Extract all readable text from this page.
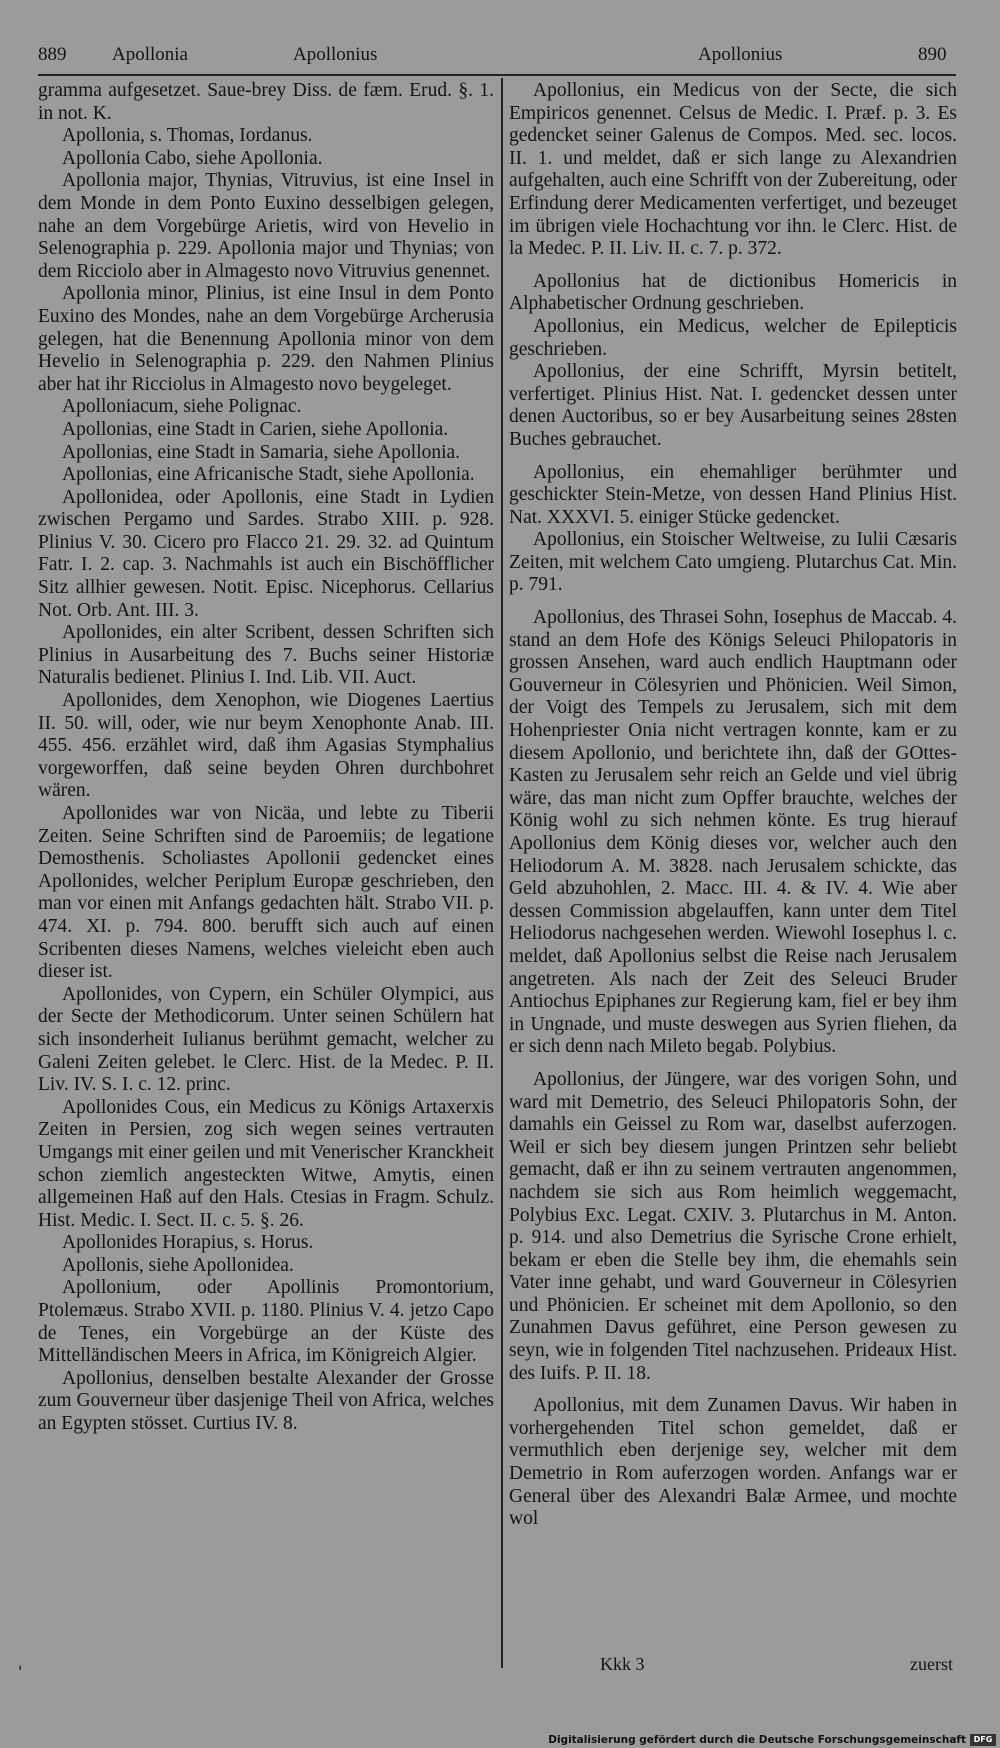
889 Apollonia	Apollonius	Apollonius	890

gramma aufgesetzet. Saue-brey Diss. de fæm. Erud. §. 1. in not. K.

Apollonia, s. Thomas, Iordanus.

Apollonia Cabo, siehe Apollonia.

Apollonia major, Thynias, Vitruvius, ist eine Insel in dem Monde in dem Ponto Euxino desselbigen gelegen, nahe an dem Vorgebürge Arietis, wird von Hevelio in Selenographia p. 229. Apollonia major und Thynias; von dem Ricciolo aber in Almagesto novo Vitruvius genennet.

Apollonia minor, Plinius, ist eine Insul in dem Ponto Euxino des Mondes, nahe an dem Vorgebürge Archerusia gelegen, hat die Benennung Apollonia minor von dem Hevelio in Selenographia p. 229. den Nahmen Plinius aber hat ihr Ricciolus in Almagesto novo beygeleget.

Apolloniacum, siehe Polignac.

Apollonias, eine Stadt in Carien, siehe Apollonia.

Apollonias, eine Stadt in Samaria, siehe Apollonia.

Apollonias, eine Africanische Stadt, siehe Apollonia.

Apollonidea, oder Apollonis, eine Stadt in Lydien zwischen Pergamo und Sardes. Strabo XIII. p. 928. Plinius V. 30. Cicero pro Flacco 21. 29. 32. ad Quintum Fatr. I. 2. cap. 3. Nachmahls ist auch ein Bischöfflicher Sitz allhier gewesen. Notit. Episc. Nicephorus. Cellarius Not. Orb. Ant. III. 3.

Apollonides, ein alter Scribent, dessen Schriften sich Plinius in Ausarbeitung des 7. Buchs seiner Historiæ Naturalis bedienet. Plinius I. Ind. Lib. VII. Auct.

Apollonides, dem Xenophon, wie Diogenes Laertius II. 50. will, oder, wie nur beym Xenophonte Anab. III. 455. 456. erzählet wird, daß ihm Agasias Stymphalius vorgeworffen, daß seine beyden Ohren durchbohret wären.

Apollonides war von Nicäa, und lebte zu Tiberii Zeiten. Seine Schriften sind de Paroemiis; de legatione Demosthenis. Scholiastes Apollonii gedencket eines Apollonides, welcher Periplum Europæ geschrieben, den man vor einen mit Anfangs gedachten hält. Strabo VII. p. 474. XI. p. 794. 800. berufft sich auch auf einen Scribenten dieses Namens, welches vieleicht eben auch dieser ist.

Apollonides, von Cypern, ein Schüler Olympici, aus der Secte der Methodicorum. Unter seinen Schülern hat sich insonderheit Iulianus berühmt gemacht, welcher zu Galeni Zeiten gelebet. le Clerc. Hist. de la Medec. P. II. Liv. IV. S. I. c. 12. princ.

Apollonides Cous, ein Medicus zu Königs Artaxerxis Zeiten in Persien, zog sich wegen seines vertrauten Umgangs mit einer geilen und mit Venerischer Kranckheit schon ziemlich angesteckten Witwe, Amytis, einen allgemeinen Haß auf den Hals. Ctesias in Fragm. Schulz. Hist. Medic. I. Sect. II. c. 5. §. 26.

Apollonides Horapius, s. Horus.

Apollonis, siehe Apollonidea.

Apollonium, oder Apollinis Promontorium, Ptolemæus. Strabo XVII. p. 1180. Plinius V. 4. jetzo Capo de Tenes, ein Vorgebürge an der Küste des Mittelländischen Meers in Africa, im Königreich Algier.

Apollonius, denselben bestalte Alexander der Grosse zum Gouverneur über dasjenige Theil von Africa, welches an Egypten stösset. Curtius IV. 8.

Apollonius, ein Medicus von der Secte, die sich Empiricos genennet. Celsus de Medic. I. Præf. p. 3. Es gedencket seiner Galenus de Compos. Med. sec. locos. II. 1. und meldet, daß er sich lange zu Alexandrien aufgehalten, auch eine Schrifft von der Zubereitung, oder Erfindung derer Medicamenten verfertiget, und bezeuget im übrigen viele Hochachtung vor ihn. le Clerc. Hist. de la Medec. P. II. Liv. II. c. 7. p. 372.

Apollonius hat de dictionibus Homericis in Alphabetischer Ordnung geschrieben.

Apollonius, ein Medicus, welcher de Epilepticis geschrieben.

Apollonius, der eine Schrifft, Myrsin betitelt, verfertiget. Plinius Hist. Nat. I. gedencket dessen unter denen Auctoribus, so er bey Ausarbeitung seines 28sten Buches gebrauchet.

Apollonius, ein ehemahliger berühmter und geschickter Stein-Metze, von dessen Hand Plinius Hist. Nat. XXXVI. 5. einiger Stücke gedencket.

Apollonius, ein Stoischer Weltweise, zu Iulii Cæsaris Zeiten, mit welchem Cato umgieng. Plutarchus Cat. Min. p. 791.

Apollonius, des Thrasei Sohn, Iosephus de Maccab. 4. stand an dem Hofe des Königs Seleuci Philopatoris in grossen Ansehen, ward auch endlich Hauptmann oder Gouverneur in Cölesyrien und Phönicien. Weil Simon, der Voigt des Tempels zu Jerusalem, sich mit dem Hohenpriester Onia nicht vertragen konnte, kam er zu diesem Apollonio, und berichtete ihn, daß der GOttes-Kasten zu Jerusalem sehr reich an Gelde und viel übrig wäre, das man nicht zum Opffer brauchte, welches der König wohl zu sich nehmen könte. Es trug hierauf Apollonius dem König dieses vor, welcher auch den Heliodorum A. M. 3828. nach Jerusalem schickte, das Geld abzuhohlen, 2. Macc. III. 4. & IV. 4. Wie aber dessen Commission abgelauffen, kann unter dem Titel Heliodorus nachgesehen werden. Wiewohl Iosephus l. c. meldet, daß Apollonius selbst die Reise nach Jerusalem angetreten. Als nach der Zeit des Seleuci Bruder Antiochus Epiphanes zur Regierung kam, fiel er bey ihm in Ungnade, und muste deswegen aus Syrien fliehen, da er sich denn nach Mileto begab. Polybius.

Apollonius, der Jüngere, war des vorigen Sohn, und ward mit Demetrio, des Seleuci Philopatoris Sohn, der damahls ein Geissel zu Rom war, daselbst auferzogen. Weil er sich bey diesem jungen Printzen sehr beliebt gemacht, daß er ihn zu seinem vertrauten angenommen, nachdem sie sich aus Rom heimlich weggemacht, Polybius Exc. Legat. CXIV. 3. Plutarchus in M. Anton. p. 914. und also Demetrius die Syrische Crone erhielt, bekam er eben die Stelle bey ihm, die ehemahls sein Vater inne gehabt, und ward Gouverneur in Cölesyrien und Phönicien. Er scheinet mit dem Apollonio, so den Zunahmen Davus geführet, eine Person gewesen zu seyn, wie in folgenden Titel nachzusehen. Prideaux Hist. des Iuifs. P. II. 18.

Apollonius, mit dem Zunamen Davus. Wir haben in vorhergehenden Titel schon gemeldet, daß er vermuthlich eben derjenige sey, welcher mit dem Demetrio in Rom auferzogen worden. Anfangs war er General über des Alexandri Balæ Armee, und mochte wol

'	Kkk 3	zuerst
Digitalisierung gefördert durch die Deutsche Forschungsgemeinschaft DFG
